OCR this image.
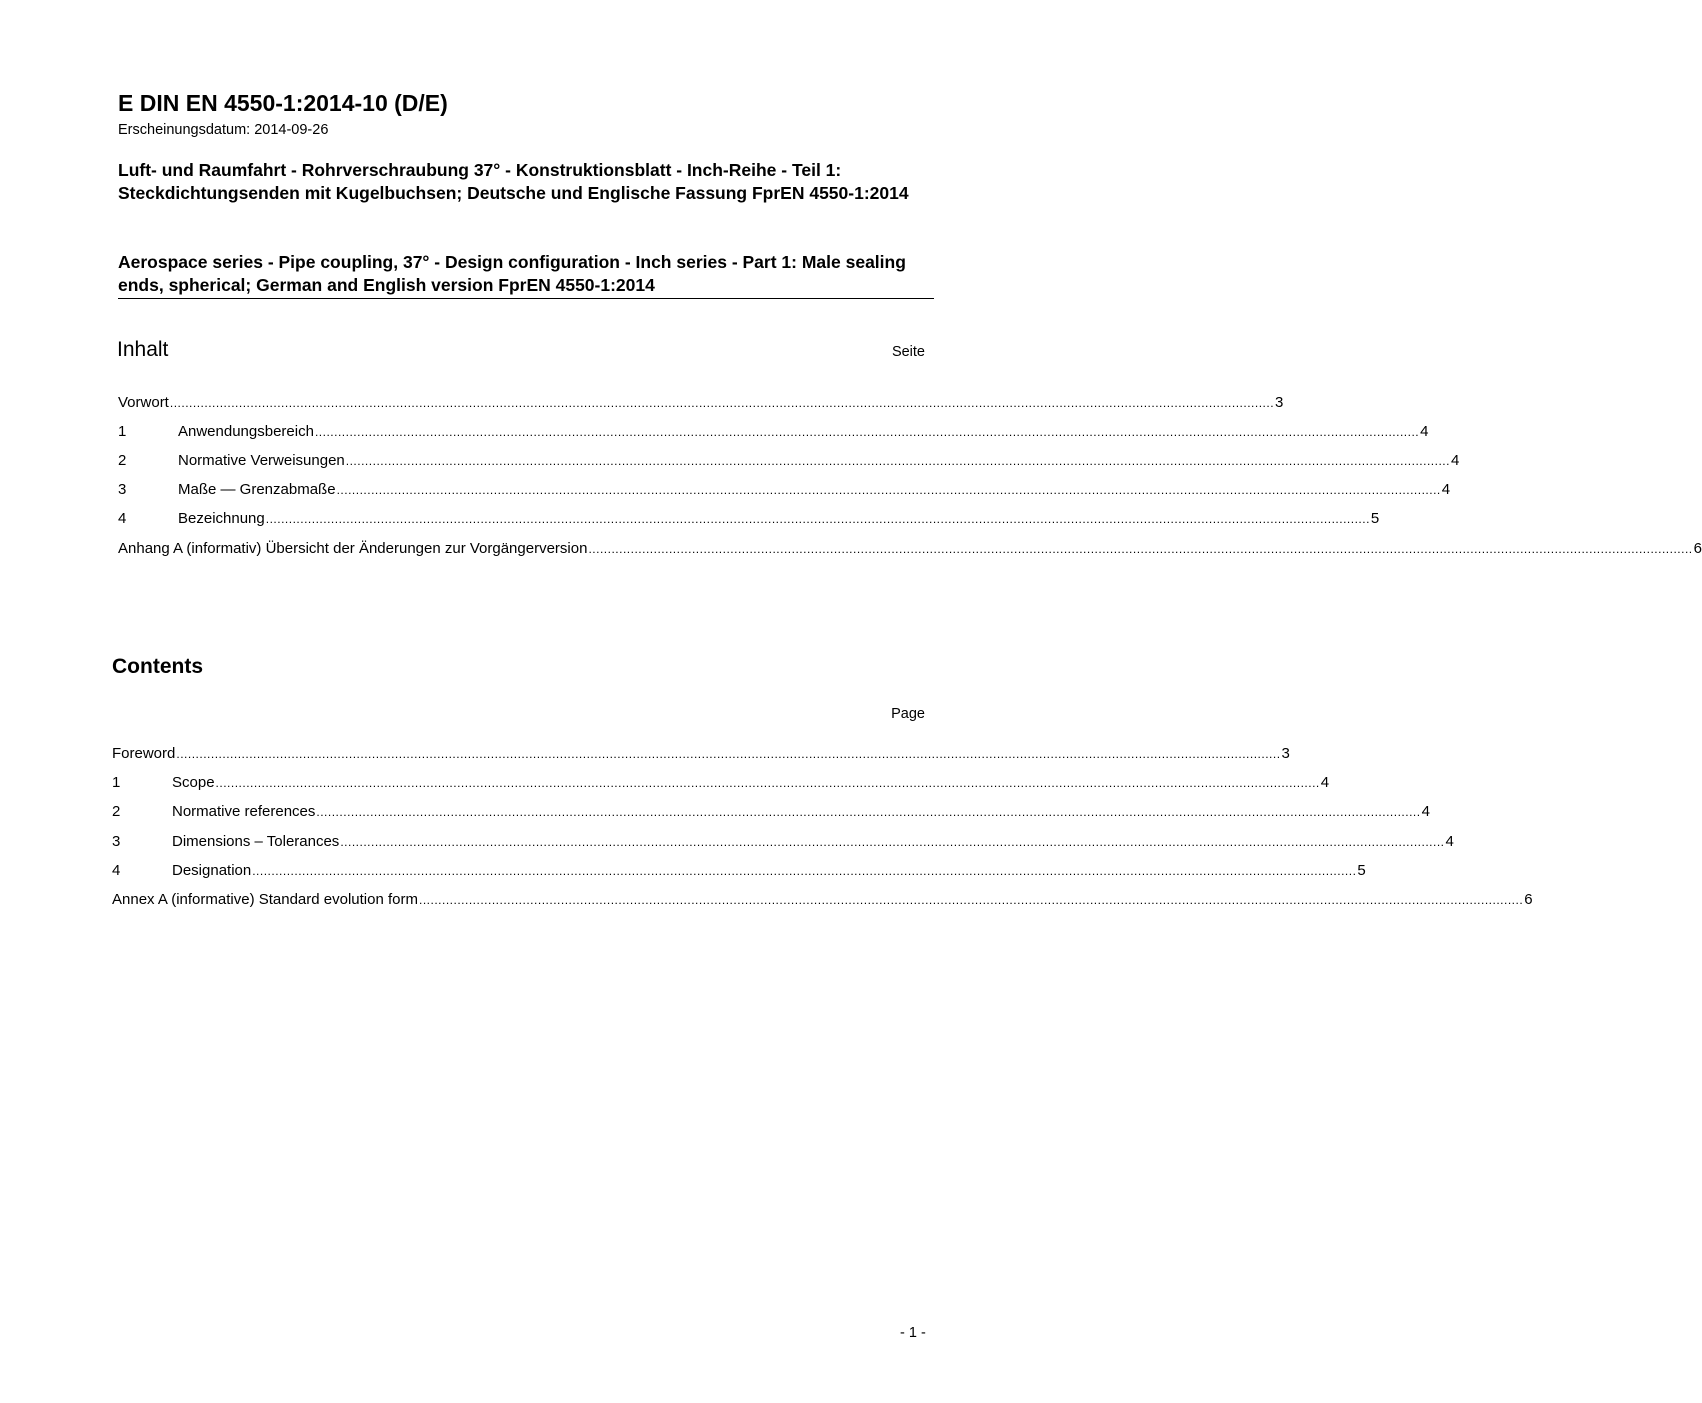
E DIN EN 4550-1:2014-10 (D/E)
Erscheinungsdatum: 2014-09-26
Luft- und Raumfahrt - Rohrverschraubung 37° - Konstruktionsblatt - Inch-Reihe - Teil 1: Steckdichtungsenden mit Kugelbuchsen; Deutsche und Englische Fassung FprEN 4550-1:2014
Aerospace series - Pipe coupling, 37° - Design configuration - Inch series - Part 1: Male sealing ends, spherical; German and English version FprEN 4550-1:2014
Inhalt	Seite
Vorwort .....	3
1	Anwendungsbereich .....	4
2	Normative Verweisungen .....	4
3	Maße — Grenzabmaße .....	4
4	Bezeichnung .....	5
Anhang A (informativ) Übersicht der Änderungen zur Vorgängerversion .....	6
Contents
Page
Foreword .....	3
1	Scope .....	4
2	Normative references .....	4
3	Dimensions – Tolerances .....	4
4	Designation .....	5
Annex A (informative) Standard evolution form .....	6
- 1 -
